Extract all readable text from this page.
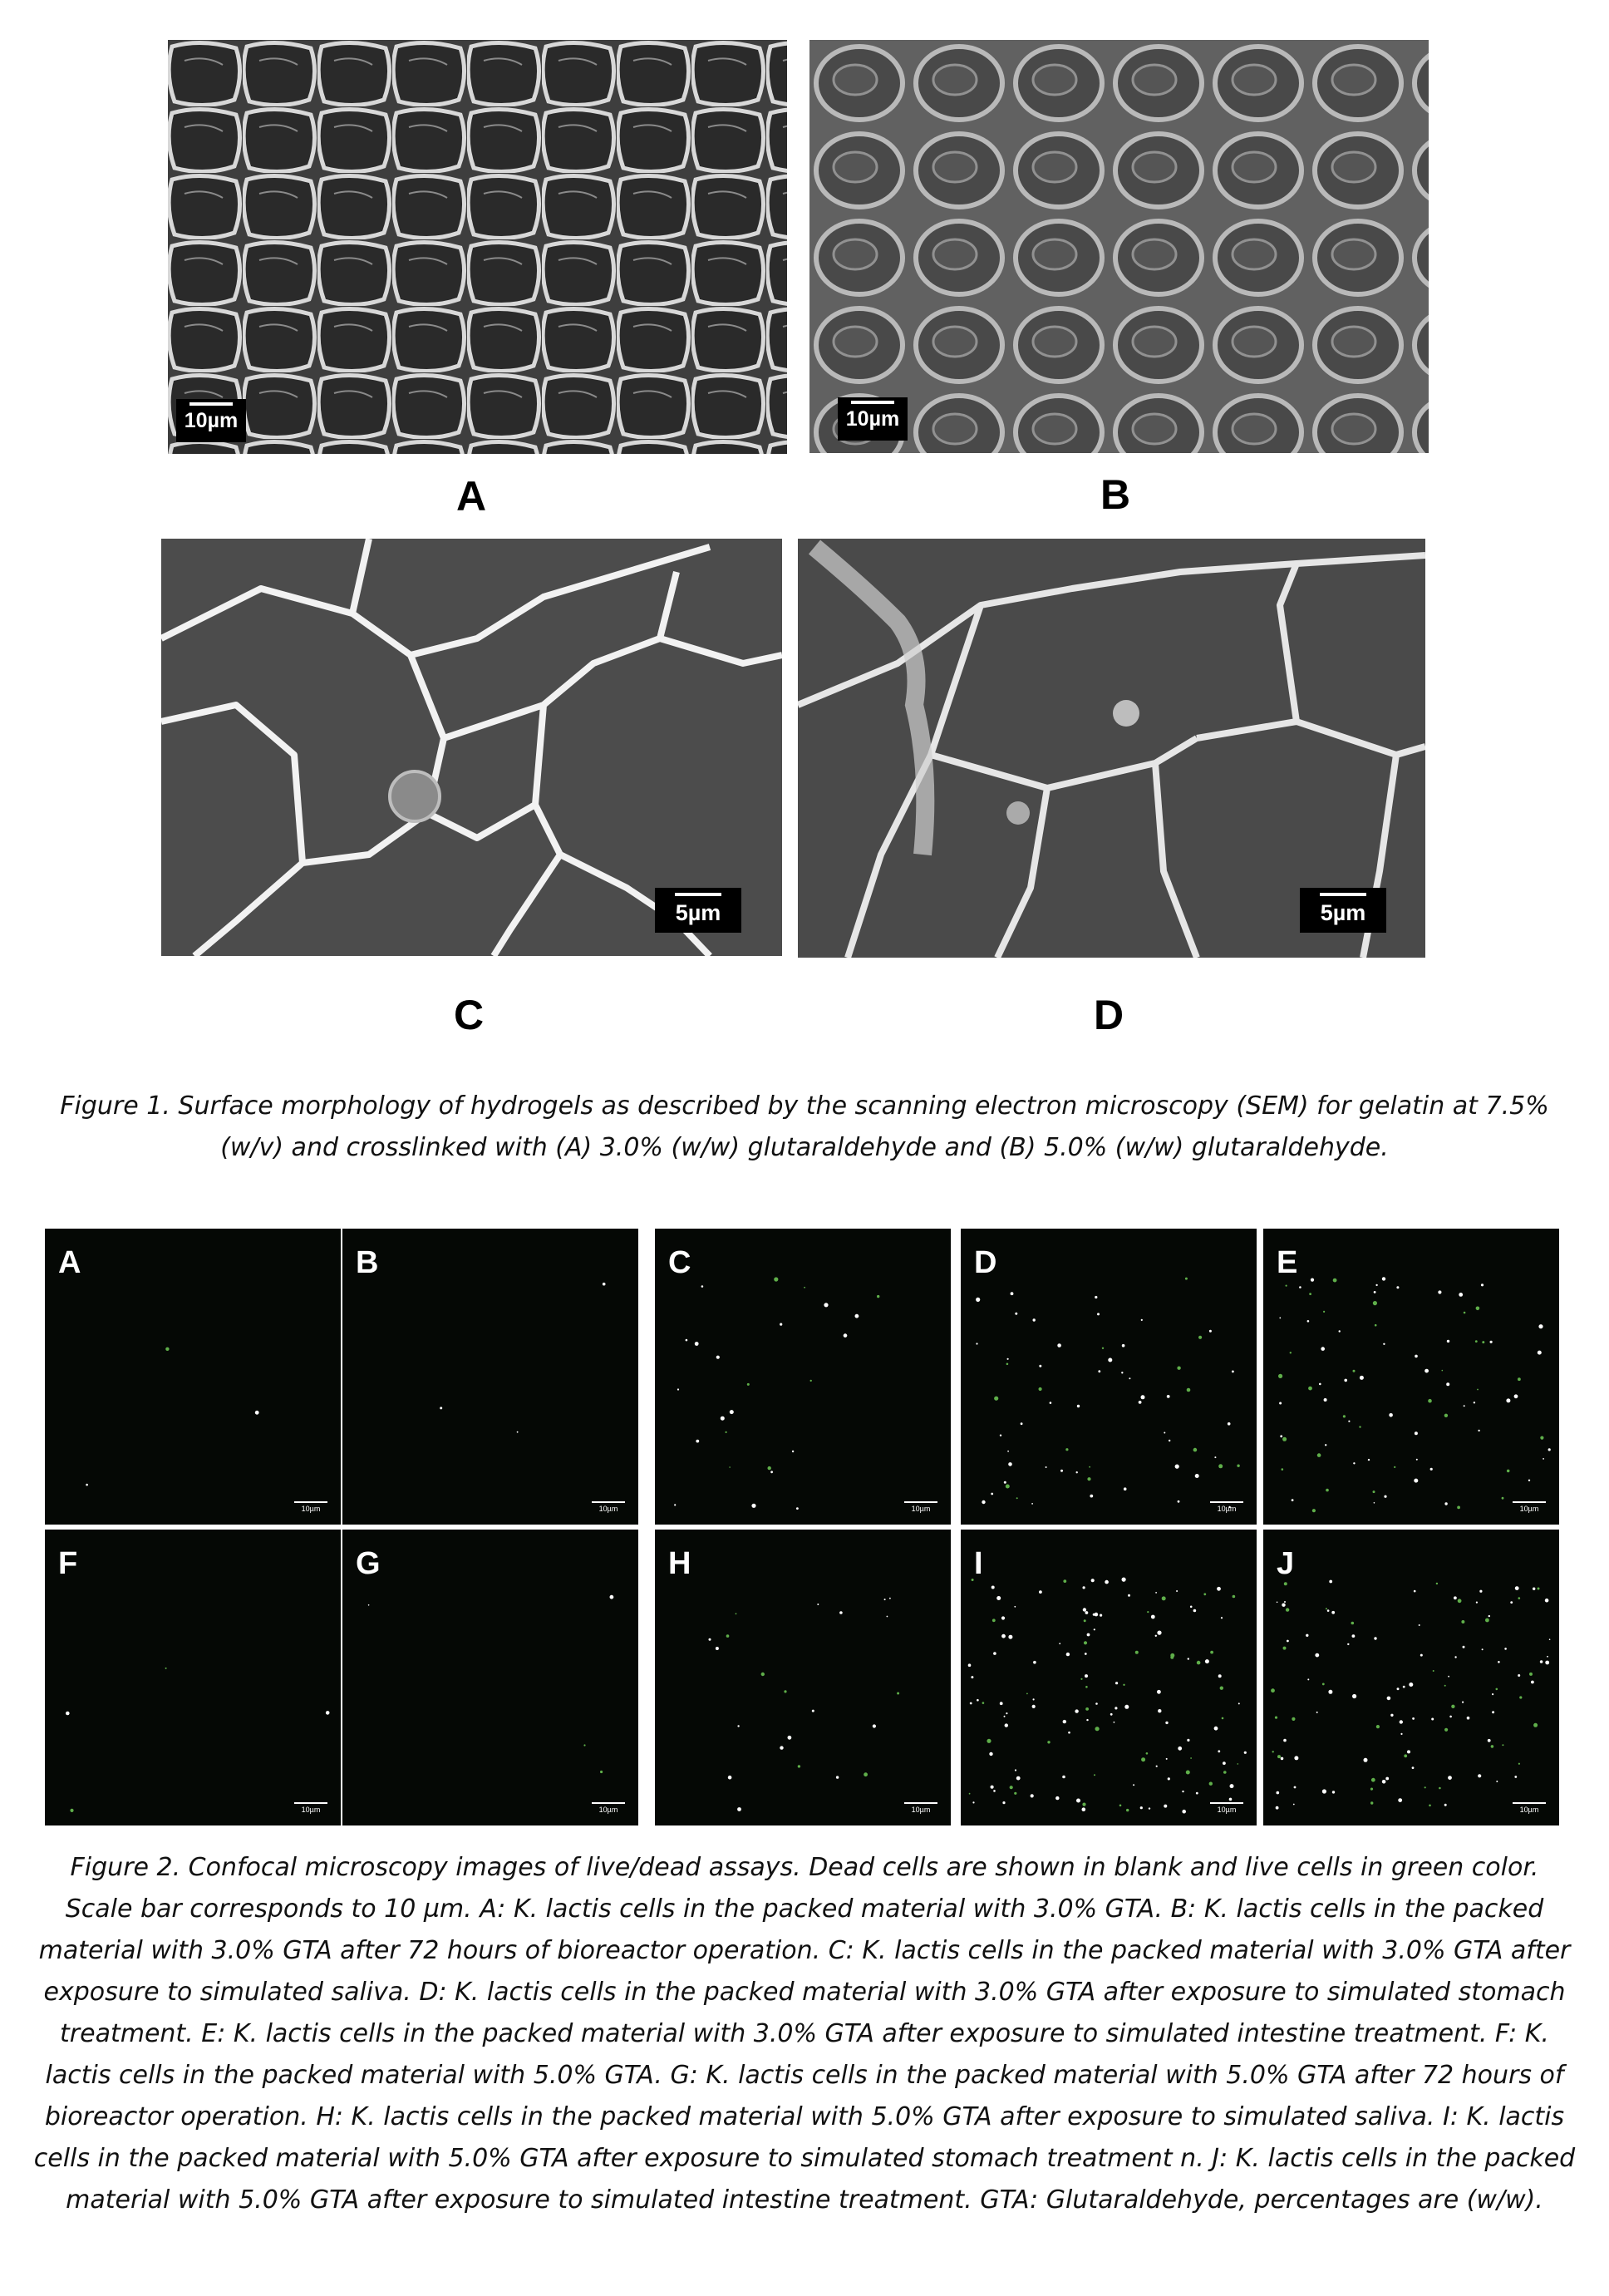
10µm	10µm
A	B
5µm	5µm
C	D
Figure 1. Surface morphology of hydrogels as described by the scanning electron microscopy (SEM) for gelatin at 7.5% (w/v) and crosslinked with (A) 3.0% (w/w) glutaraldehyde and (B) 5.0% (w/w) glutaraldehyde.
A
10µm
B
10µm
C
10µm
D
10µm
E
10µm
F
10µm
G
10µm
H
10µm
I
10µm
J
10µm
Figure 2. Confocal microscopy images of live/dead assays. Dead cells are shown in blank and live cells in green color. Scale bar corresponds to 10 µm. A: K. lactis cells in the packed material with 3.0% GTA. B: K. lactis cells in the packed material with 3.0% GTA after 72 hours of bioreactor operation. C: K. lactis cells in the packed material with 3.0% GTA after exposure to simulated saliva. D: K. lactis cells in the packed material with 3.0% GTA after exposure to simulated stomach treatment. E: K. lactis cells in the packed material with 3.0% GTA after exposure to simulated intestine treatment. F: K. lactis cells in the packed material with 5.0% GTA. G: K. lactis cells in the packed material with 5.0% GTA after 72 hours of bioreactor operation. H: K. lactis cells in the packed material with 5.0% GTA after exposure to simulated saliva. I: K. lactis cells in the packed material with 5.0% GTA after exposure to simulated stomach treatment n. J: K. lactis cells in the packed material with 5.0% GTA after exposure to simulated intestine treatment. GTA: Glutaraldehyde, percentages are (w/w).
